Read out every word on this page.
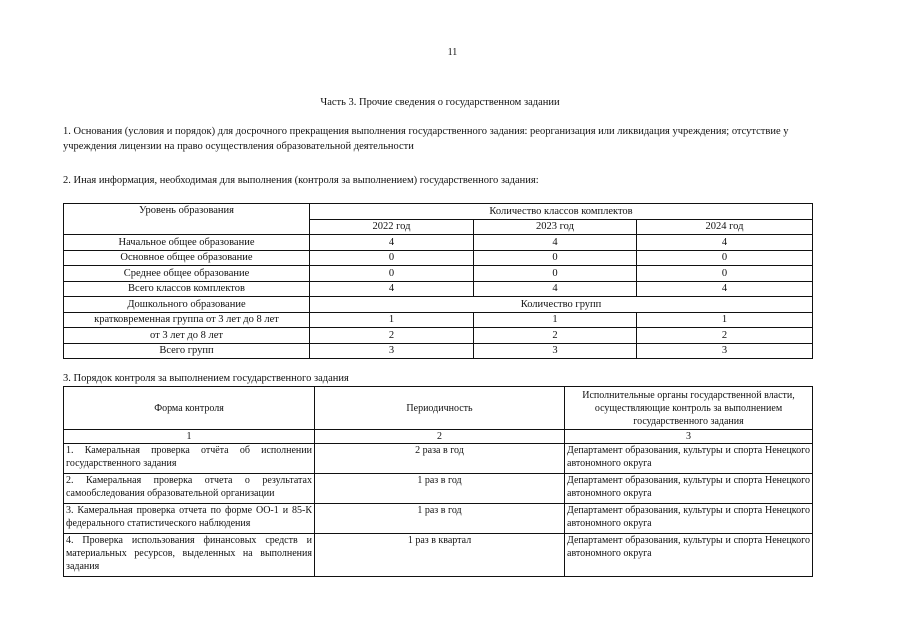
11
Часть 3. Прочие сведения о государственном задании
1. Основания (условия и порядок) для досрочного прекращения выполнения государственного задания: реорганизация или ликвидация учреждения; отсутствие у учреждения лицензии на право осуществления образовательной деятельности
2. Иная информация, необходимая для выполнения (контроля за выполнением) государственного задания:
Уровень образования	Количество классов комплектов		
	2022 год	2023 год	2024 год
Начальное общее образование	4	4	4
Основное общее образование	0	0	0
Среднее общее образование	0	0	0
Всего классов комплектов	4	4	4
Дошкольного образование	Количество групп		
кратковременная группа от 3 лет до 8 лет	1	1	1
от 3 лет до 8 лет	2	2	2
Всего групп	3	3	3
3. Порядок контроля за выполнением государственного задания
Форма контроля	Периодичность	Исполнительные органы государственной власти, осуществляющие контроль за выполнением государственного задания
1	2	3
1. Камеральная проверка отчёта об исполнении государственного задания	2 раза в год	Департамент образования, культуры и спорта Ненецкого автономного округа
2. Камеральная проверка отчета о результатах самообследования образовательной организации	1 раз в год	Департамент образования, культуры и спорта Ненецкого автономного округа
3. Камеральная проверка отчета по форме ОО-1 и 85-К федерального статистического наблюдения	1 раз в год	Департамент образования, культуры и спорта Ненецкого автономного округа
4. Проверка использования финансовых средств и материальных ресурсов, выделенных на выполнения задания	1 раз в квартал	Департамент образования, культуры и спорта Ненецкого автономного округа
